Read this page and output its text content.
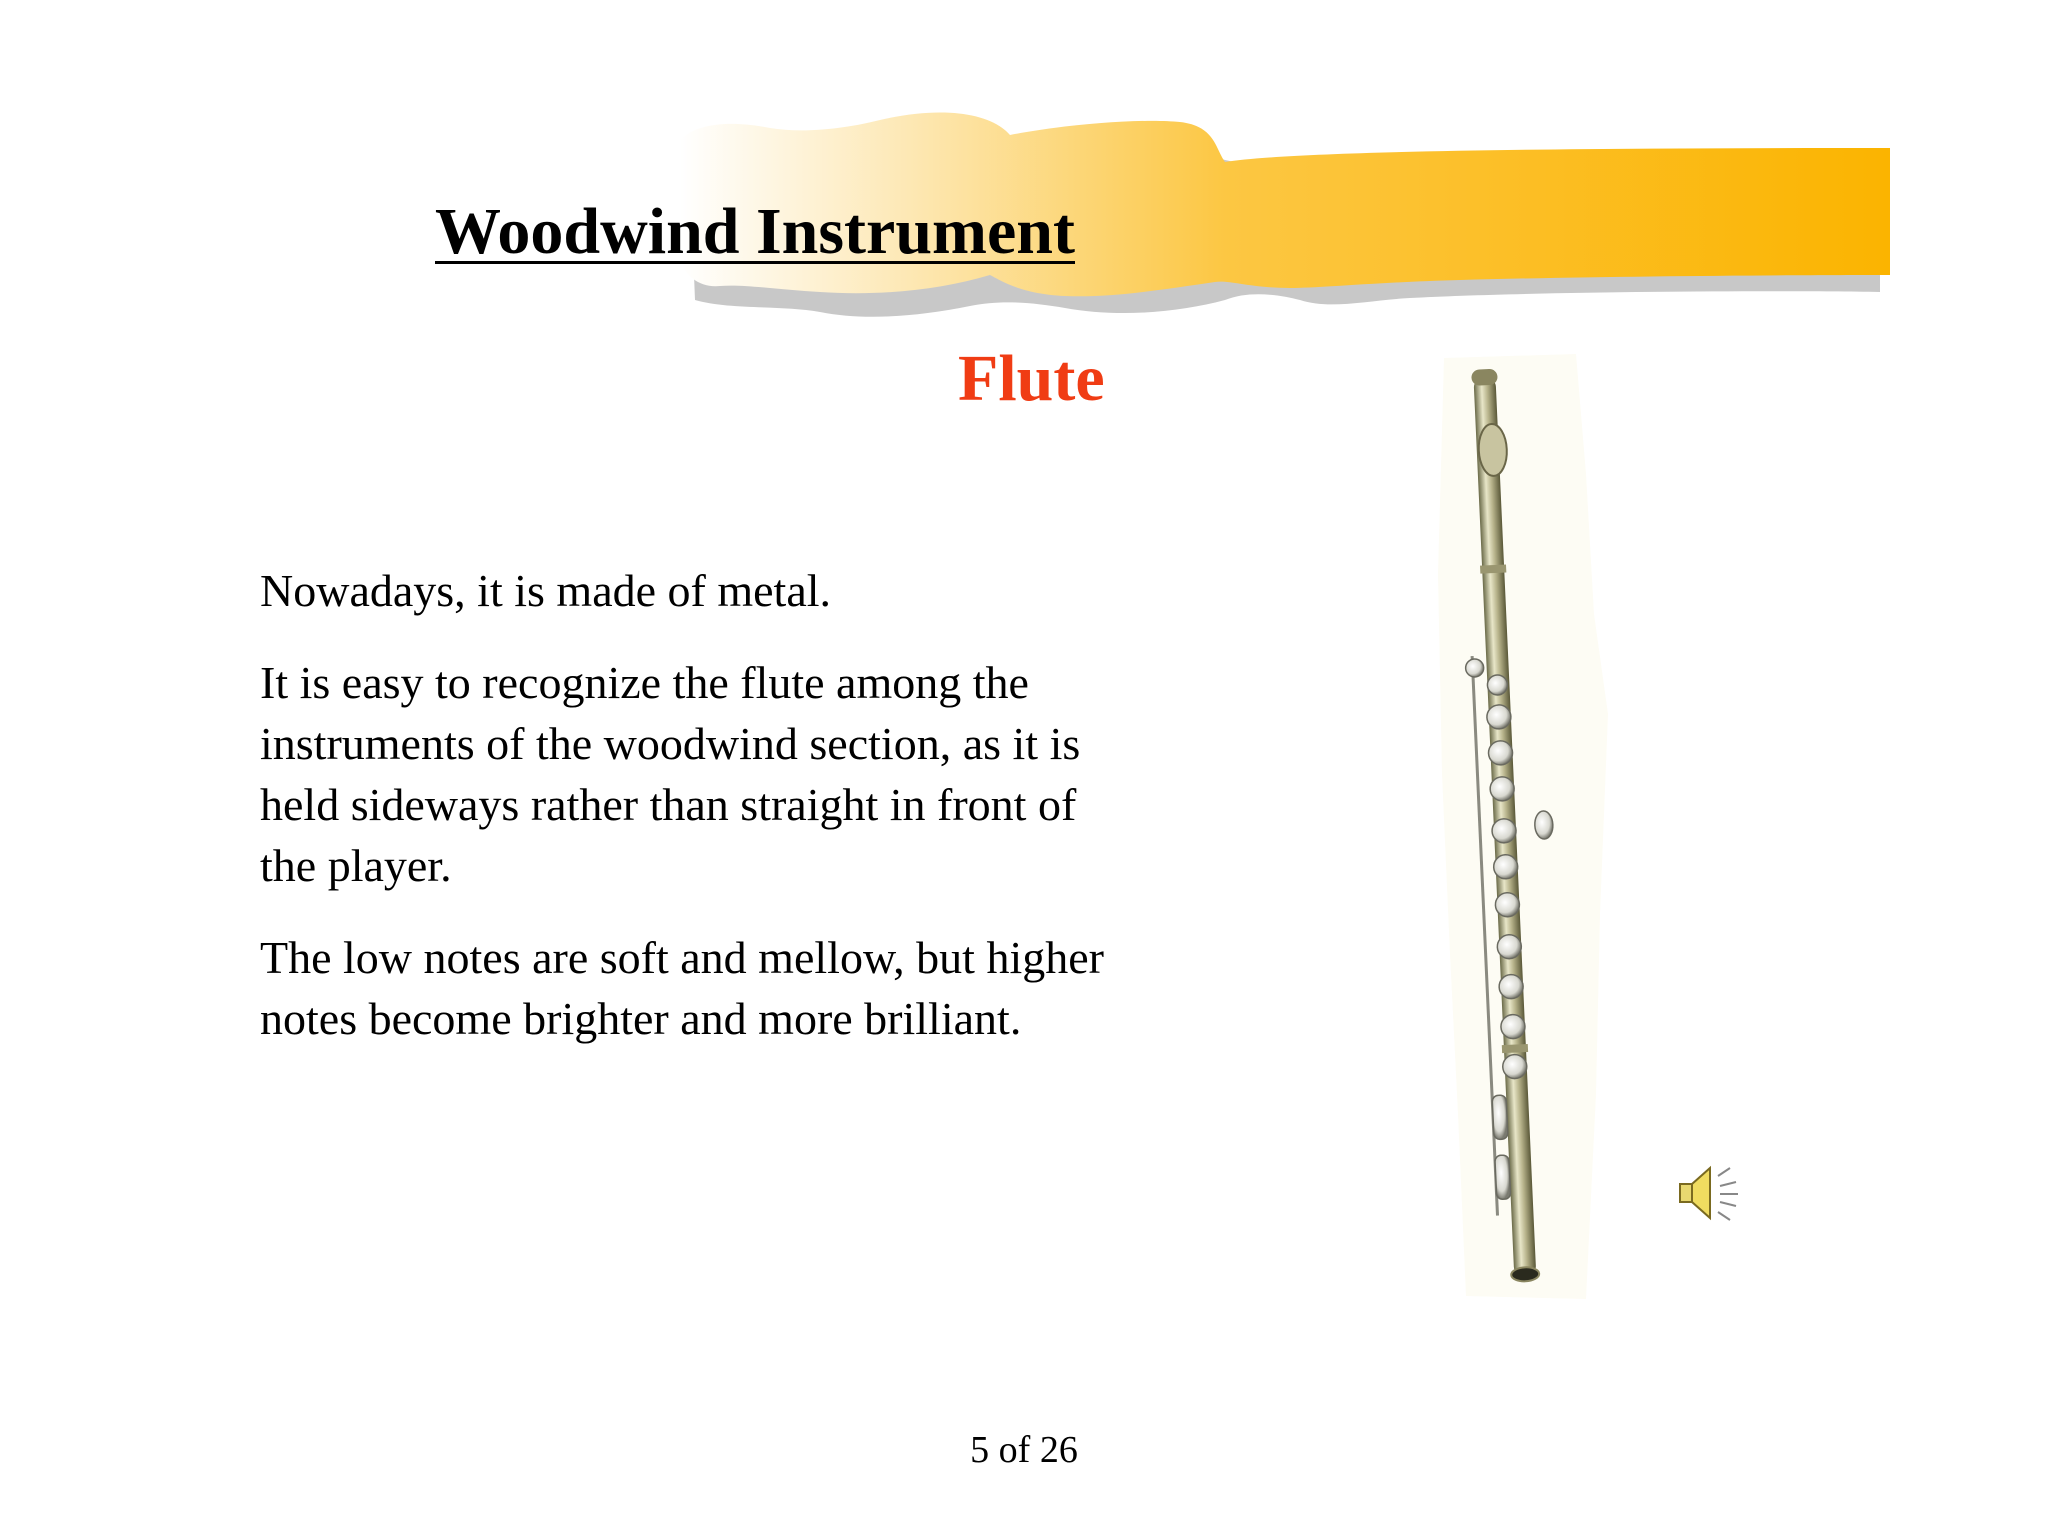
Woodwind Instrument
Flute

Nowadays, it is made of metal.

It is easy to recognize the flute among the instruments of the woodwind section, as it is held sideways rather than straight in front of the player.

The low notes are soft and mellow, but higher notes become brighter and more brilliant.

5 of 26
